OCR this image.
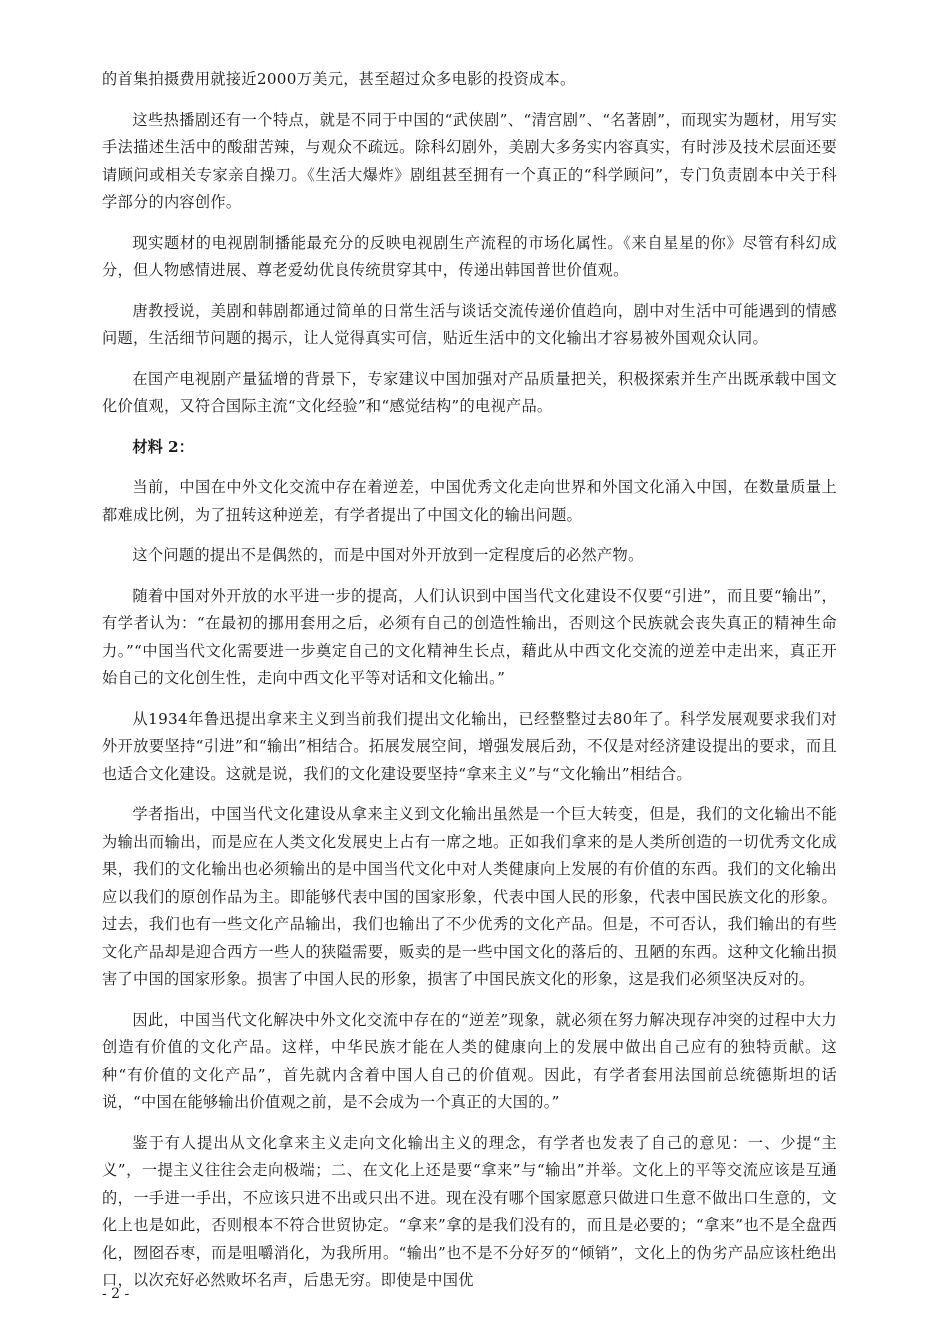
的首集拍摄费用就接近2000万美元，甚至超过众多电影的投资成本。

这些热播剧还有一个特点，就是不同于中国的“武侠剧”、“清宫剧”、“名著剧”，而现实为题材，用写实手法描述生活中的酸甜苦辣，与观众不疏远。除科幻剧外，美剧大多务实内容真实，有时涉及技术层面还要请顾问或相关专家亲自操刀。《生活大爆炸》剧组甚至拥有一个真正的“科学顾问”，专门负责剧本中关于科学部分的内容创作。

现实题材的电视剧制播能最充分的反映电视剧生产流程的市场化属性。《来自星星的你》尽管有科幻成分，但人物感情进展、尊老爱幼优良传统贯穿其中，传递出韩国普世价值观。

唐教授说，美剧和韩剧都通过简单的日常生活与谈话交流传递价值趋向，剧中对生活中可能遇到的情感问题，生活细节问题的揭示，让人觉得真实可信，贴近生活中的文化输出才容易被外国观众认同。

在国产电视剧产量猛增的背景下，专家建议中国加强对产品质量把关，积极探索并生产出既承载中国文化价值观，又符合国际主流“文化经验”和“感觉结构”的电视产品。

材料 2：

当前，中国在中外文化交流中存在着逆差，中国优秀文化走向世界和外国文化涌入中国，在数量质量上都难成比例，为了扭转这种逆差，有学者提出了中国文化的输出问题。

这个问题的提出不是偶然的，而是中国对外开放到一定程度后的必然产物。

随着中国对外开放的水平进一步的提高，人们认识到中国当代文化建设不仅要“引进”，而且要“输出”，有学者认为：“在最初的挪用套用之后，必须有自己的创造性输出，否则这个民族就会丧失真正的精神生命力。”“中国当代文化需要进一步奠定自己的文化精神生长点，藉此从中西文化交流的逆差中走出来，真正开始自己的文化创生性，走向中西文化平等对话和文化输出。”

从1934年鲁迅提出拿来主义到当前我们提出文化输出，已经整整过去80年了。科学发展观要求我们对外开放要坚持“引进”和“输出”相结合。拓展发展空间，增强发展后劲，不仅是对经济建设提出的要求，而且也适合文化建设。这就是说，我们的文化建设要坚持“拿来主义”与“文化输出”相结合。

学者指出，中国当代文化建设从拿来主义到文化输出虽然是一个巨大转变，但是，我们的文化输出不能为输出而输出，而是应在人类文化发展史上占有一席之地。正如我们拿来的是人类所创造的一切优秀文化成果，我们的文化输出也必须输出的是中国当代文化中对人类健康向上发展的有价值的东西。我们的文化输出应以我们的原创作品为主。即能够代表中国的国家形象，代表中国人民的形象，代表中国民族文化的形象。过去，我们也有一些文化产品输出，我们也输出了不少优秀的文化产品。但是，不可否认，我们输出的有些文化产品却是迎合西方一些人的狭隘需要，贩卖的是一些中国文化的落后的、丑陋的东西。这种文化输出损害了中国的国家形象。损害了中国人民的形象，损害了中国民族文化的形象，这是我们必须坚决反对的。

因此，中国当代文化解决中外文化交流中存在的“逆差”现象，就必须在努力解决现存冲突的过程中大力创造有价值的文化产品。这样，中华民族才能在人类的健康向上的发展中做出自己应有的独特贡献。这种“有价值的文化产品”，首先就内含着中国人自己的价值观。因此，有学者套用法国前总统德斯坦的话说，“中国在能够输出价值观之前，是不会成为一个真正的大国的。”

鉴于有人提出从文化拿来主义走向文化输出主义的理念，有学者也发表了自己的意见：一、少提“主义”，一提主义往往会走向极端；二、在文化上还是要“拿来”与“输出”并举。文化上的平等交流应该是互通的，一手进一手出，不应该只进不出或只出不进。现在没有哪个国家愿意只做进口生意不做出口生意的，文化上也是如此，否则根本不符合世贸协定。“拿来”拿的是我们没有的，而且是必要的；“拿来”也不是全盘西化，囫囵吞枣，而是咀嚼消化，为我所用。“输出”也不是不分好歹的“倾销”，文化上的伪劣产品应该杜绝出口，以次充好必然败坏名声，后患无穷。即使是中国优

- 2 -
